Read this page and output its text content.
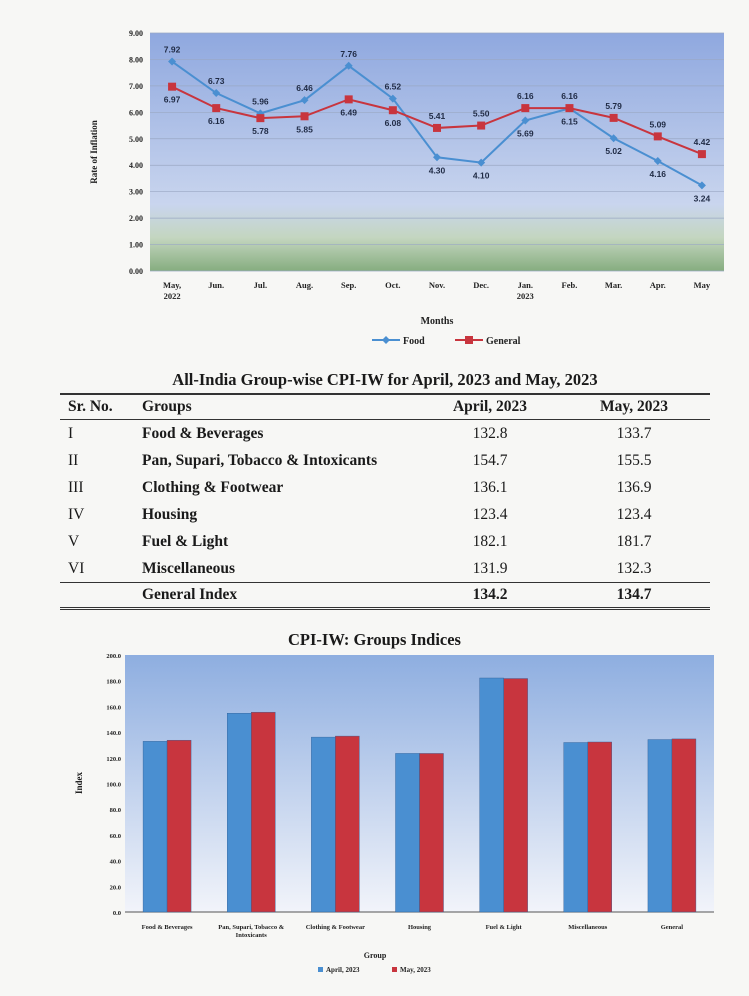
0.00
1.00
2.00
3.00
4.00
5.00
6.00
7.00
8.00
9.00
May, 2022
Jun.	Jul.	Aug.	Sep.	Oct.	Nov.	Dec.	Jan. 2023
Feb.	Mar.	Apr.	May
7.92
6.73
5.96
6.46
7.76
6.52
4.30
4.10
5.69
6.15
5.02
4.16
3.24
6.97
6.16
5.78	5.85
6.49
6.08
5.41	5.50
6.16	6.16
5.79
5.09
4.42
Rate of Inflation
Months
Food	General
All-India Group-wise CPI-IW for April, 2023 and May, 2023
Sr. No.	Groups	April, 2023	May, 2023
I	Food & Beverages	132.8	133.7
II	Pan, Supari, Tobacco & Intoxicants	154.7	155.5
III	Clothing & Footwear	136.1	136.9
IV	Housing	123.4	123.4
V	Fuel & Light	182.1	181.7
VI	Miscellaneous	131.9	132.3
	General Index	134.2	134.7
CPI-IW: Groups Indices
0.0
20.0
40.0
60.0
80.0
100.0
120.0
140.0
160.0
180.0
200.0
Food & Beverages	Pan, Supari, Tobacco & Intoxicants
Clothing & Footwear	Housing	Fuel & Light	Miscellaneous	General
Index
Group
April, 2023	May, 2023
